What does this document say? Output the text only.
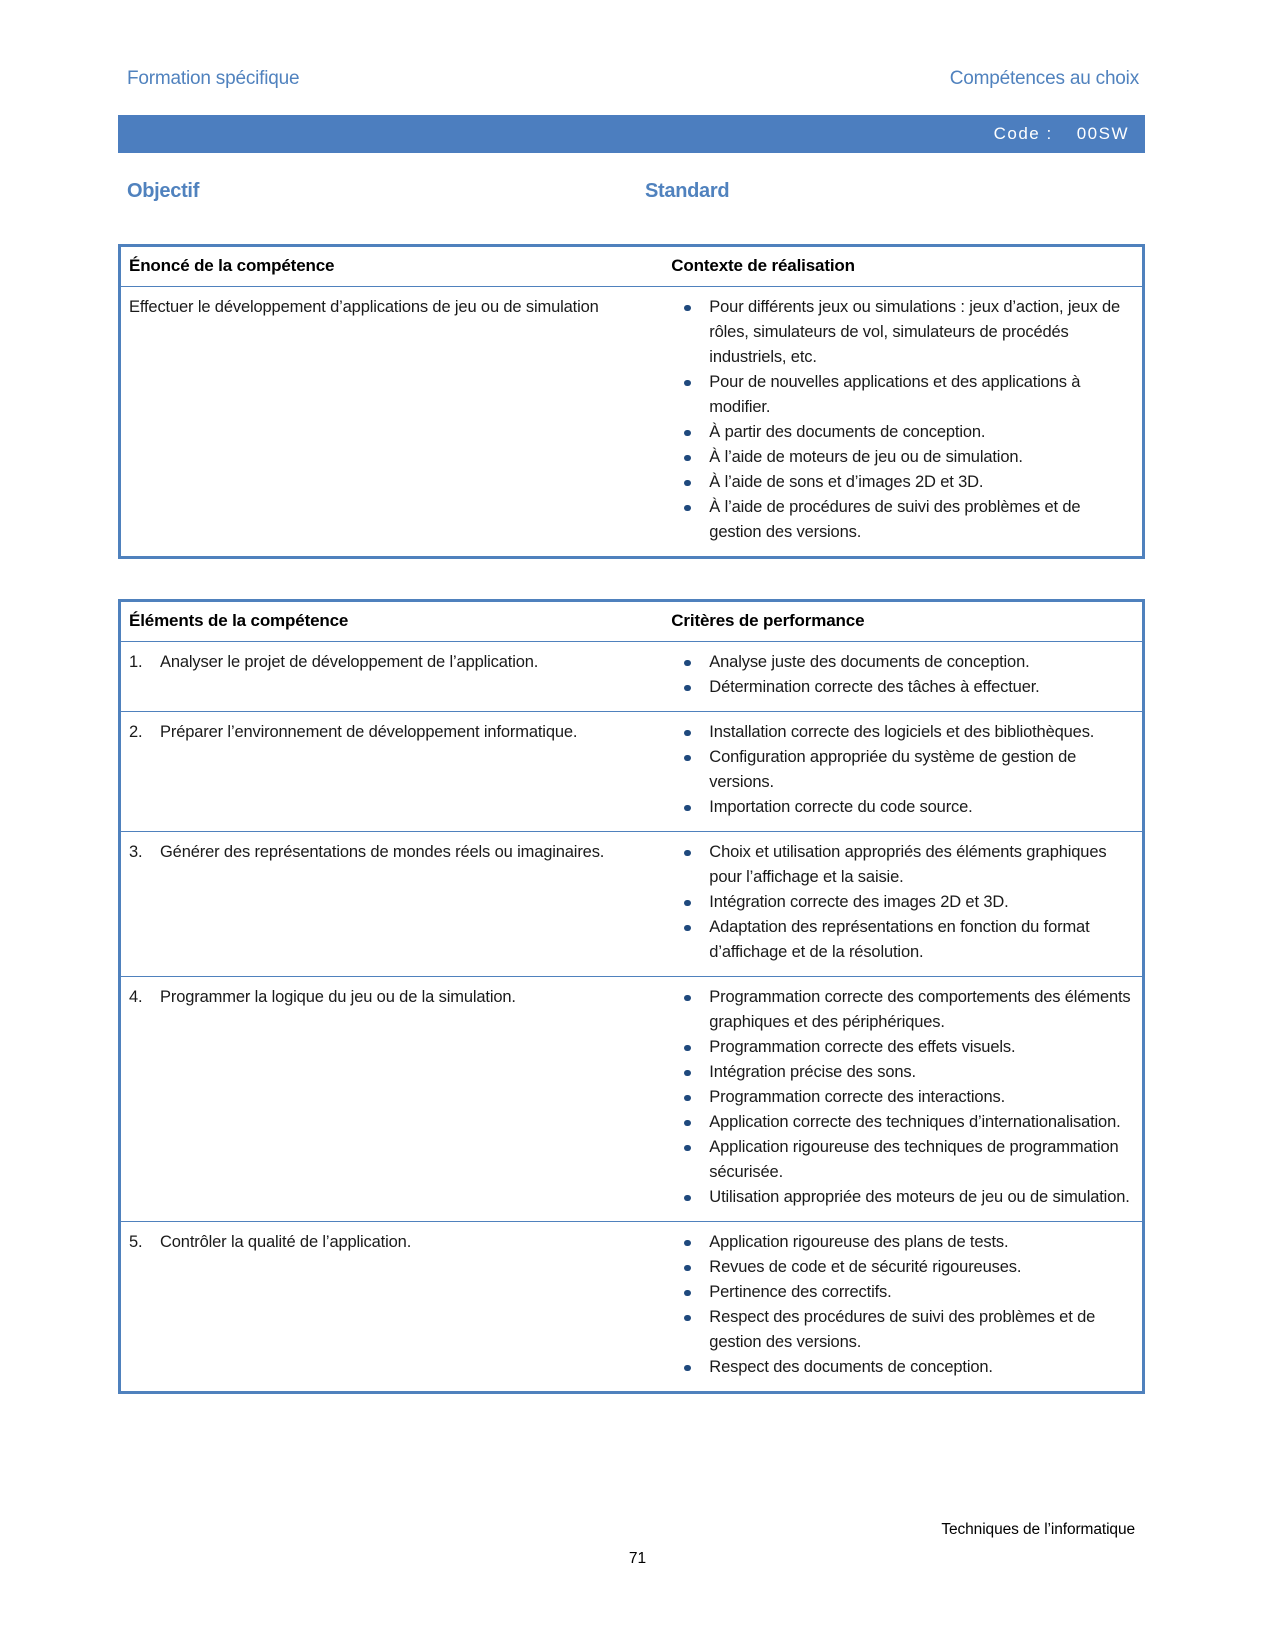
Formation spécifique	Compétences au choix
Code : 00SW
Objectif	Standard
Énoncé de la compétence	Contexte de réalisation

Effectuer le développement d’applications de jeu ou de simulation	Pour différents jeux ou simulations : jeux d’action, jeux de rôles, simulateurs de vol, simulateurs de procédés industriels, etc.
Pour de nouvelles applications et des applications à modifier.
À partir des documents de conception.
À l’aide de moteurs de jeu ou de simulation.
À l’aide de sons et d’images 2D et 3D.
À l’aide de procédures de suivi des problèmes et de gestion des versions.
Éléments de la compétence	Critères de performance

1.	Analyser le projet de développement de l’application.	Analyse juste des documents de conception.
Détermination correcte des tâches à effectuer.

2.	Préparer l’environnement de développement informatique.	Installation correcte des logiciels et des bibliothèques.
Configuration appropriée du système de gestion de versions.
Importation correcte du code source.

3.	Générer des représentations de mondes réels ou imaginaires.	Choix et utilisation appropriés des éléments graphiques pour l’affichage et la saisie.
Intégration correcte des images 2D et 3D.
Adaptation des représentations en fonction du format d’affichage et de la résolution.

4.	Programmer la logique du jeu ou de la simulation.	Programmation correcte des comportements des éléments graphiques et des périphériques.
Programmation correcte des effets visuels.
Intégration précise des sons.
Programmation correcte des interactions.
Application correcte des techniques d’internationalisation.
Application rigoureuse des techniques de programmation sécurisée.
Utilisation appropriée des moteurs de jeu ou de simulation.

5.	Contrôler la qualité de l’application.	Application rigoureuse des plans de tests.
Revues de code et de sécurité rigoureuses.
Pertinence des correctifs.
Respect des procédures de suivi des problèmes et de gestion des versions.
Respect des documents de conception.
Techniques de l’informatique
71
